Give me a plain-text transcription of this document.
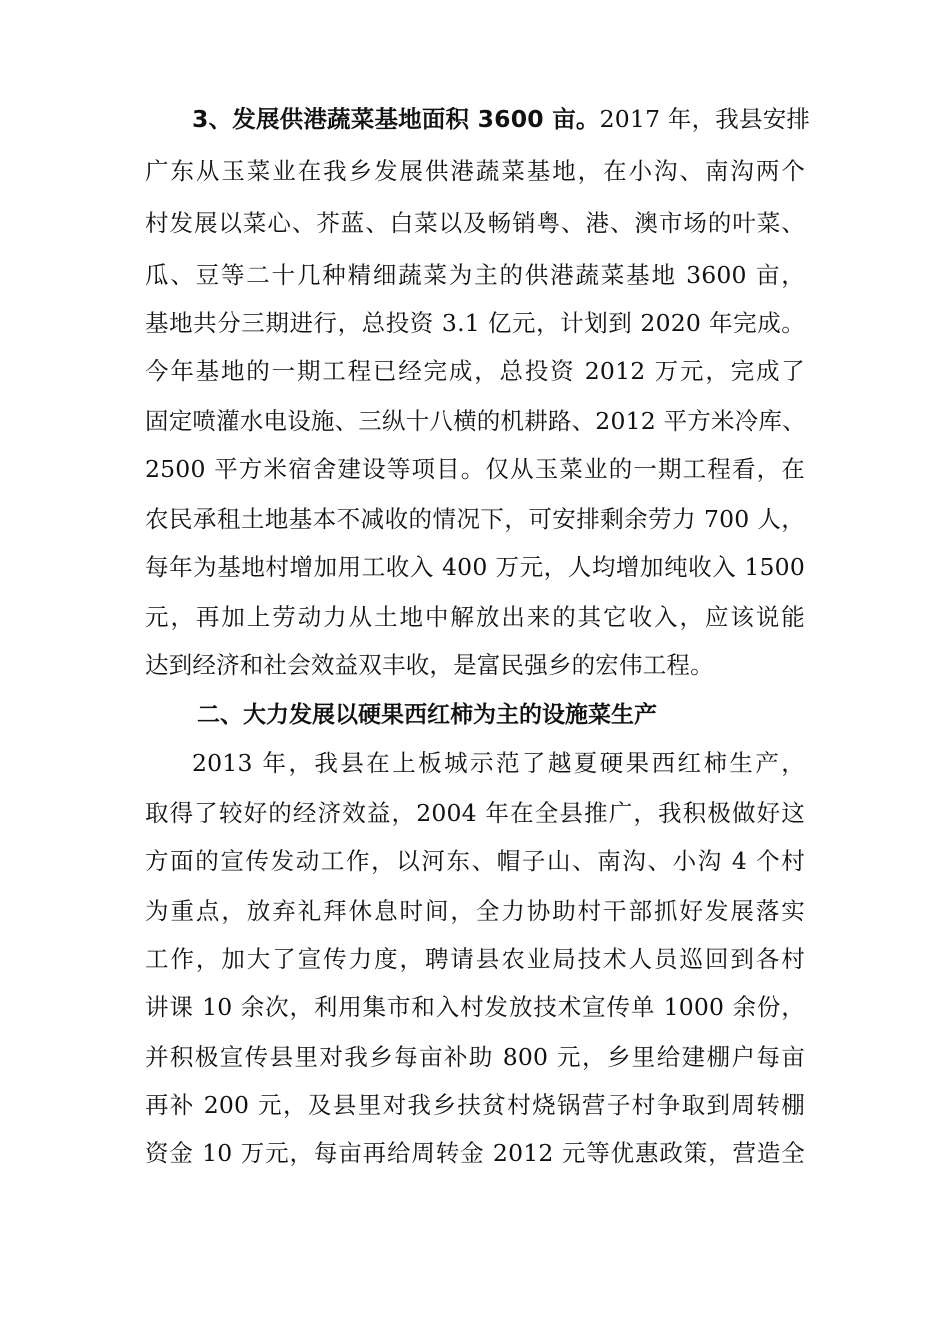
3、发展供港蔬菜基地面积 3600 亩。2017 年，我县安排
广东从玉菜业在我乡发展供港蔬菜基地，在小沟、南沟两个
村发展以菜心、芥蓝、白菜以及畅销粤、港、澳市场的叶菜、
瓜、豆等二十几种精细蔬菜为主的供港蔬菜基地 3600 亩，
基地共分三期进行，总投资 3.1 亿元，计划到 2020 年完成。
今年基地的一期工程已经完成，总投资 2012 万元，完成了
固定喷灌水电设施、三纵十八横的机耕路、2012 平方米冷库、
2500 平方米宿舍建设等项目。仅从玉菜业的一期工程看，在
农民承租土地基本不减收的情况下，可安排剩余劳力 700 人，
每年为基地村增加用工收入 400 万元，人均增加纯收入 1500
元，再加上劳动力从土地中解放出来的其它收入，应该说能
达到经济和社会效益双丰收，是富民强乡的宏伟工程。
二、大力发展以硬果西红柿为主的设施菜生产
2013 年，我县在上板城示范了越夏硬果西红柿生产，
取得了较好的经济效益，2004 年在全县推广，我积极做好这
方面的宣传发动工作，以河东、帽子山、南沟、小沟 4 个村
为重点，放弃礼拜休息时间，全力协助村干部抓好发展落实
工作，加大了宣传力度，聘请县农业局技术人员巡回到各村
讲课 10 余次，利用集市和入村发放技术宣传单 1000 余份，
并积极宣传县里对我乡每亩补助 800 元，乡里给建棚户每亩
再补 200 元，及县里对我乡扶贫村烧锅营子村争取到周转棚
资金 10 万元，每亩再给周转金 2012 元等优惠政策，营造全
